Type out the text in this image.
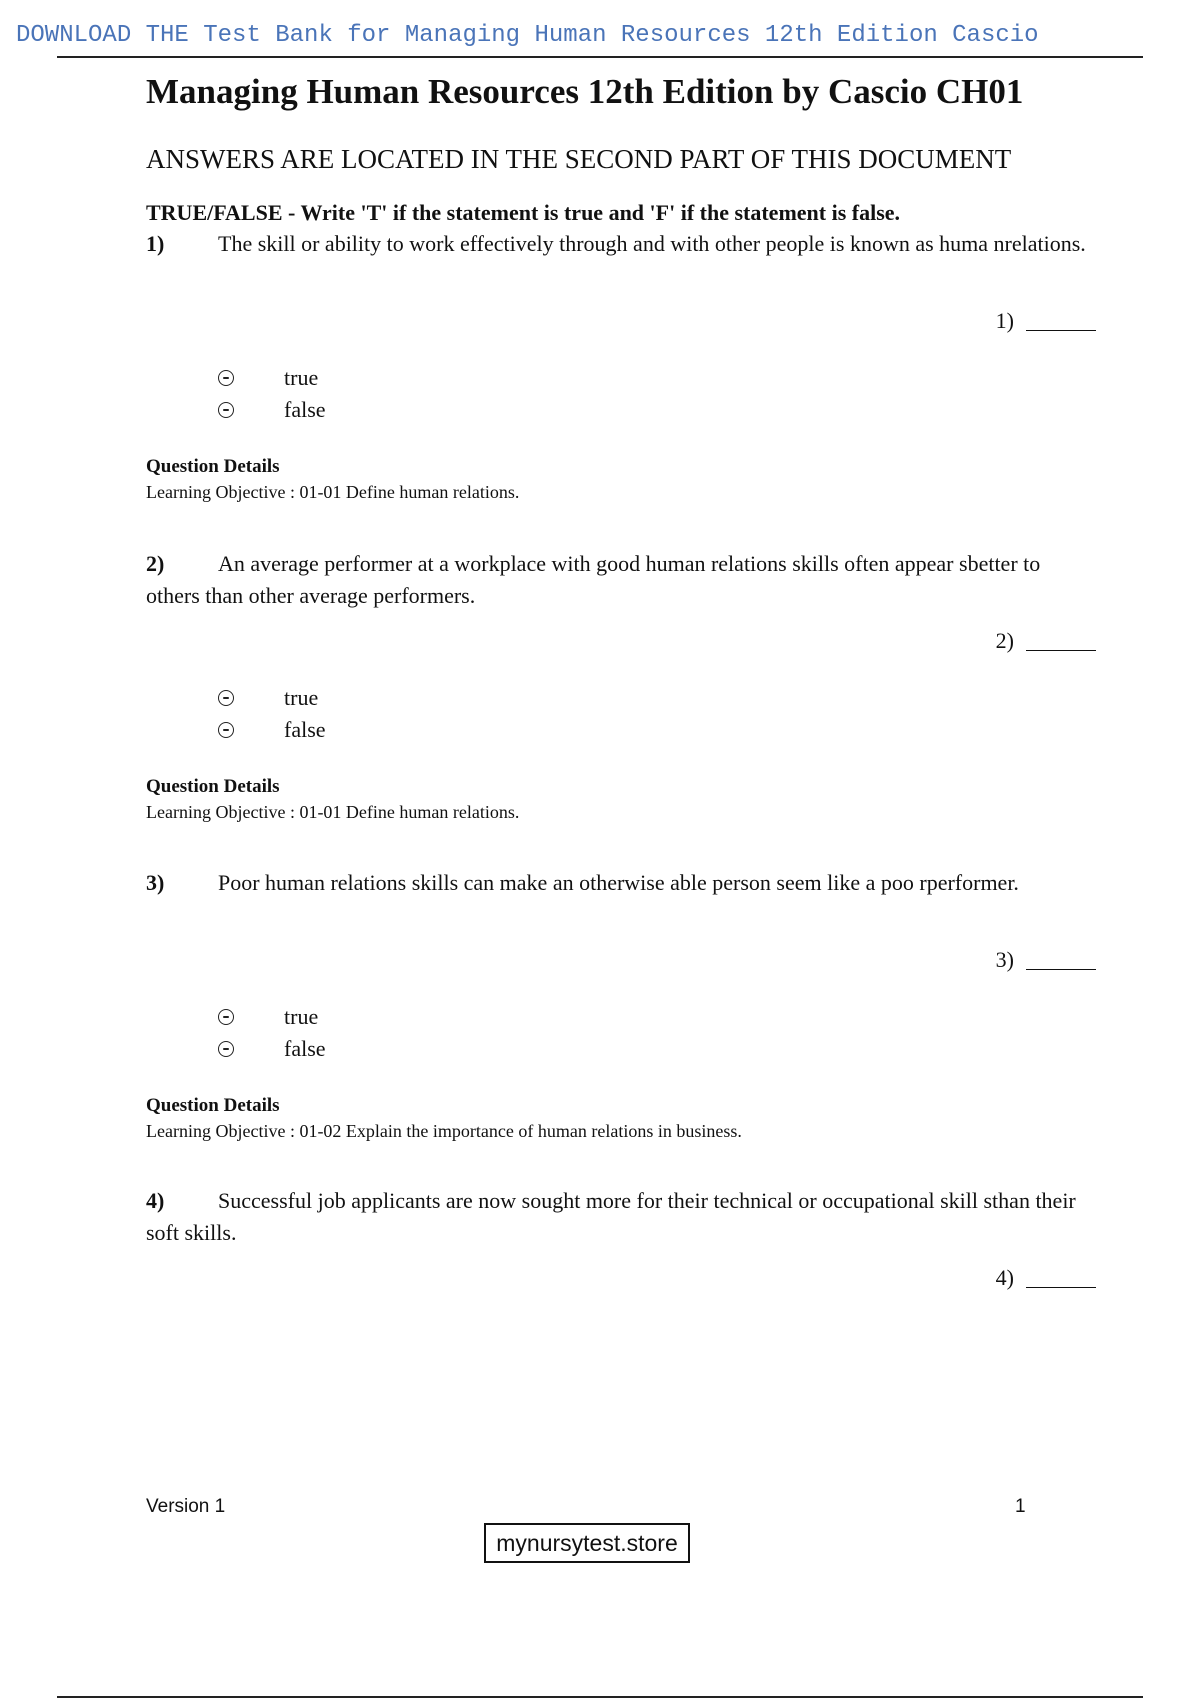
DOWNLOAD THE Test Bank for Managing Human Resources 12th Edition Cascio
Managing Human Resources 12th Edition by Cascio CH01
ANSWERS ARE LOCATED IN THE SECOND PART OF THIS DOCUMENT
TRUE/FALSE - Write 'T' if the statement is true and 'F' if the statement is false.

1) The skill or ability to work effectively through and with other people is known as huma nrelations.

1)
true
false
Question Details
Learning Objective : 01-01 Define human relations.

2) An average performer at a workplace with good human relations skills often appear sbetter to others than other average performers.

2)
true
false
Question Details
Learning Objective : 01-01 Define human relations.

3) Poor human relations skills can make an otherwise able person seem like a poo rperformer.

3)
true
false
Question Details
Learning Objective : 01-02 Explain the importance of human relations in business.

4) Successful job applicants are now sought more for their technical or occupational skill sthan their soft skills.

4)
Version 1	1
mynursytest.store
